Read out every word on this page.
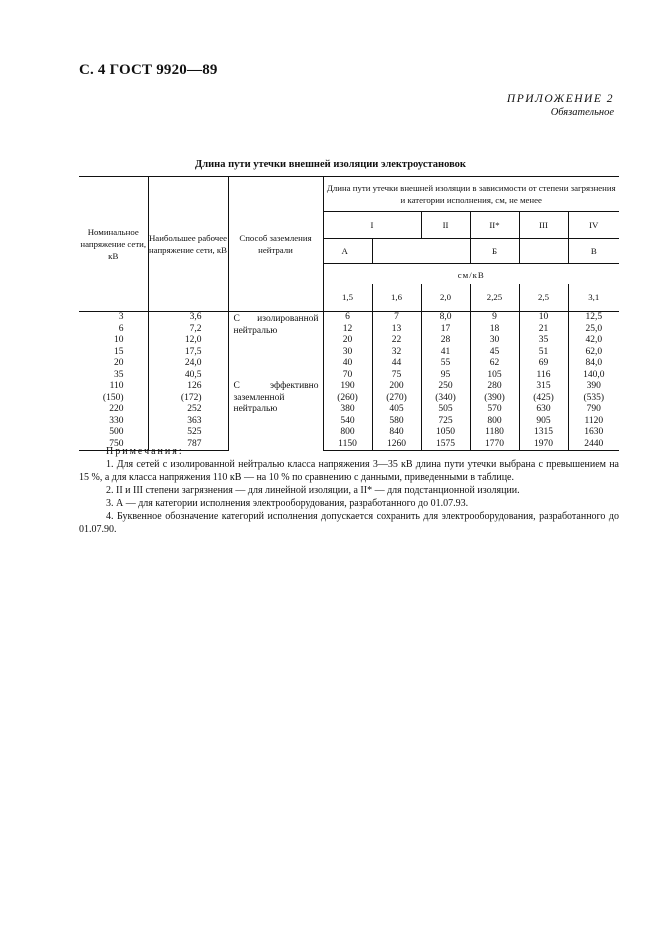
С. 4 ГОСТ 9920—89
ПРИЛОЖЕНИЕ 2
Обязательное
Длина пути утечки внешней изоляции электроустановок
Номинальное напряжение сети, кВ	Наибольшее рабочее напряжение сети, кВ	Способ заземления нейтрали	Длина пути утечки внешней изоляции в зависимости от степени загрязнения и категории исполнения, см, не менее					
			I		II	II*	III	IV
			А			Б		В
			см/кВ					
			1,5	1,6	2,0	2,25	2,5	3,1
3	3,6	С изолированной нейтралью	6	7	8,0	9	10	12,5
6	7,2		12	13	17	18	21	25,0
10	12,0		20	22	28	30	35	42,0
15	17,5		30	32	41	45	51	62,0
20	24,0		40	44	55	62	69	84,0
35	40,5		70	75	95	105	116	140,0
110	126	С эффективно заземленной нейтралью	190	200	250	280	315	390
(150)	(172)		(260)	(270)	(340)	(390)	(425)	(535)
220	252		380	405	505	570	630	790
330	363		540	580	725	800	905	1120
500	525		800	840	1050	1180	1315	1630
750	787		1150	1260	1575	1770	1970	2440
Примечания:

1. Для сетей с изолированной нейтралью класса напряжения 3—35 кВ длина пути утечки выбрана с превышением на 15 %, а для класса напряжения 110 кВ — на 10 % по сравнению с данными, приведенными в таблице.

2. II и III степени загрязнения — для линейной изоляции, а II* — для подстанционной изоляции.

3. А — для категории исполнения электрооборудования, разработанного до 01.07.93.

4. Буквенное обозначение категорий исполнения допускается сохранить для электрооборудования, разработанного до 01.07.90.
